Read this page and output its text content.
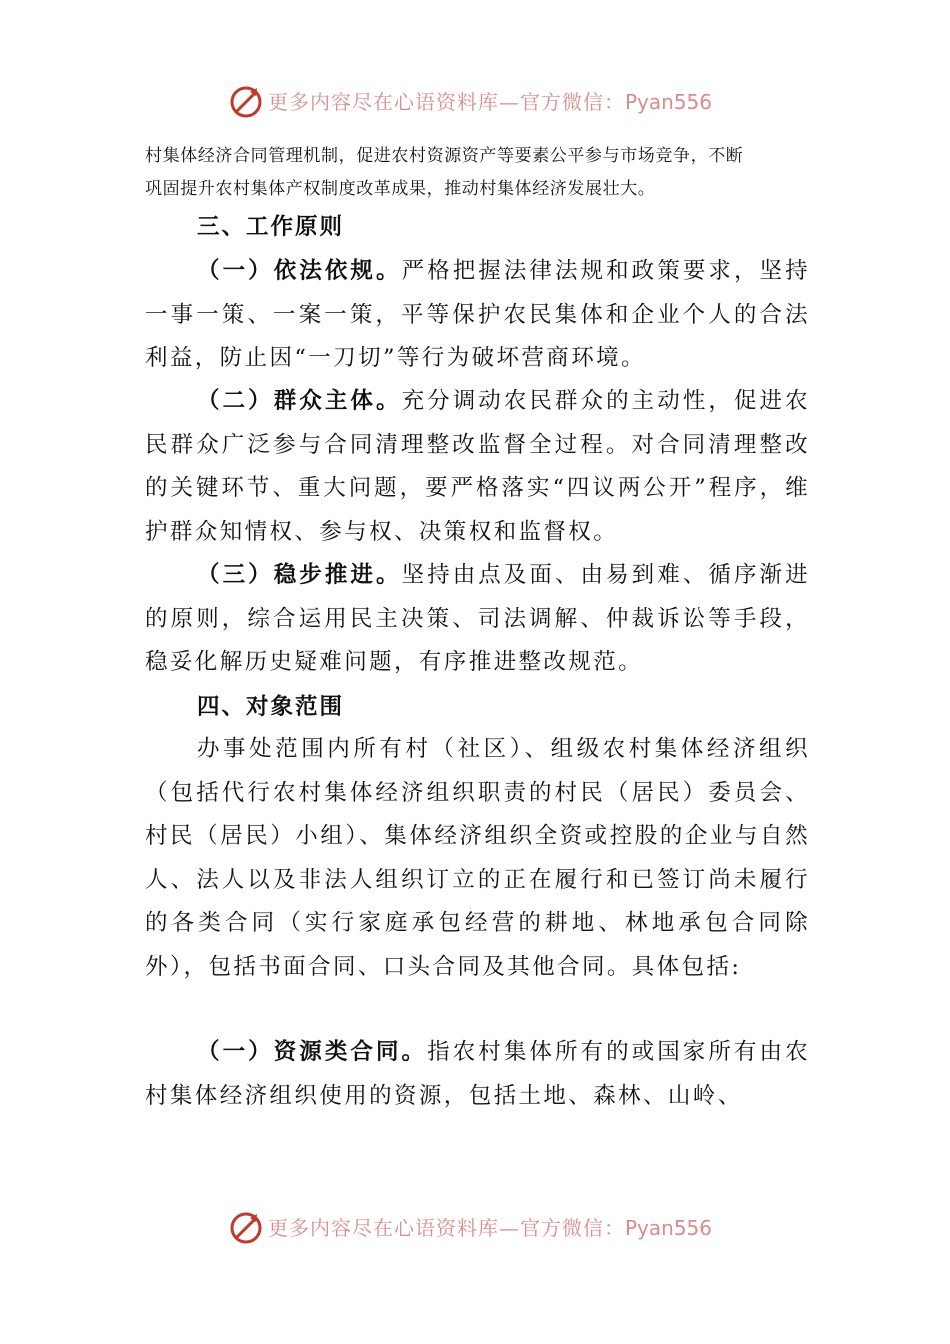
更多内容尽在心语资料库—官方微信：Pyan556

村集体经济合同管理机制，促进农村资源资产等要素公平参与市场竞争，不断

巩固提升农村集体产权制度改革成果，推动村集体经济发展壮大。

三、工作原则

（一）依法依规。严格把握法律法规和政策要求，坚持一事一策、一案一策，平等保护农民集体和企业个人的合法利益，防止因“一刀切”等行为破坏营商环境。

（二）群众主体。充分调动农民群众的主动性，促进农民群众广泛参与合同清理整改监督全过程。对合同清理整改的关键环节、重大问题，要严格落实“四议两公开”程序，维护群众知情权、参与权、决策权和监督权。

（三）稳步推进。坚持由点及面、由易到难、循序渐进的原则，综合运用民主决策、司法调解、仲裁诉讼等手段，稳妥化解历史疑难问题，有序推进整改规范。

四、对象范围

办事处范围内所有村（社区）、组级农村集体经济组织（包括代行农村集体经济组织职责的村民（居民）委员会、村民（居民）小组）、集体经济组织全资或控股的企业与自然人、法人以及非法人组织订立的正在履行和已签订尚未履行的各类合同（实行家庭承包经营的耕地、林地承包合同除外），包括书面合同、口头合同及其他合同。具体包括:

（一）资源类合同。指农村集体所有的或国家所有由农村集体经济组织使用的资源，包括土地、森林、山岭、

更多内容尽在心语资料库—官方微信：Pyan556
